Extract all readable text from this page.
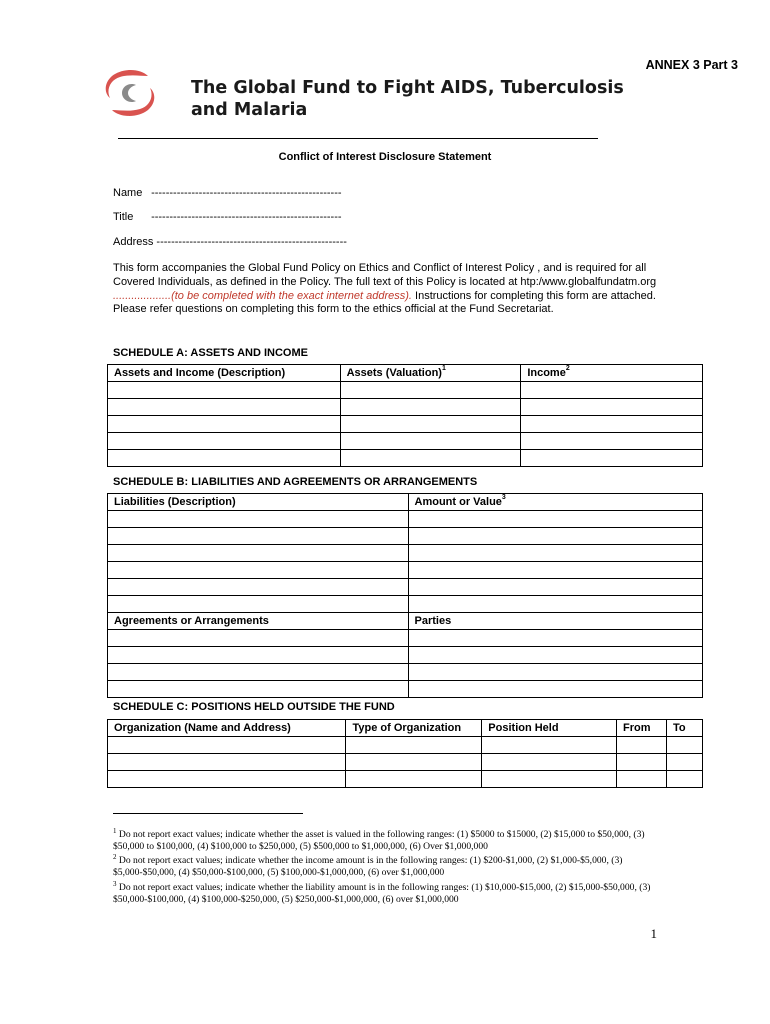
ANNEX 3 Part 3
The Global Fund to Fight AIDS, Tuberculosis
and Malaria
Conflict of Interest Disclosure Statement
Name ----------------------------------------------------
Title ----------------------------------------------------
Address ----------------------------------------------------
This form accompanies the Global Fund Policy on Ethics and Conflict of Interest Policy , and is required for all Covered Individuals, as defined in the Policy. The full text of this Policy is located at htp:/www.globalfundatm.org ...................(to be completed with the exact internet address). Instructions for completing this form are attached. Please refer questions on completing this form to the ethics official at the Fund Secretariat.
SCHEDULE A: ASSETS AND INCOME
Assets and Income (Description)	Assets (Valuation)$^1$	Income$^2$

SCHEDULE B: LIABILITIES AND AGREEMENTS OR ARRANGEMENTS
Liabilities (Description)	Amount or Value$^3$

Agreements or Arrangements	Parties

SCHEDULE C: POSITIONS HELD OUTSIDE THE FUND
Organization (Name and Address)	Type of Organization	Position Held	From	To

$^1$ Do not report exact values; indicate whether the asset is valued in the following ranges: (1) $5000 to $15000, (2) $15,000 to $50,000, (3) $50,000 to $100,000, (4) $100,000 to $250,000, (5) $500,000 to $1,000,000, (6) Over $1,000,000
$^2$ Do not report exact values; indicate whether the income amount is in the following ranges: (1) $200-$1,000, (2) $1,000-$5,000, (3) $5,000-$50,000, (4) $50,000-$100,000, (5) $100,000-$1,000,000, (6) over $1,000,000
$^3$ Do not report exact values; indicate whether the liability amount is in the following ranges: (1) $10,000-$15,000, (2) $15,000-$50,000, (3) $50,000-$100,000, (4) $100,000-$250,000, (5) $250,000-$1,000,000, (6) over $1,000,000
1
